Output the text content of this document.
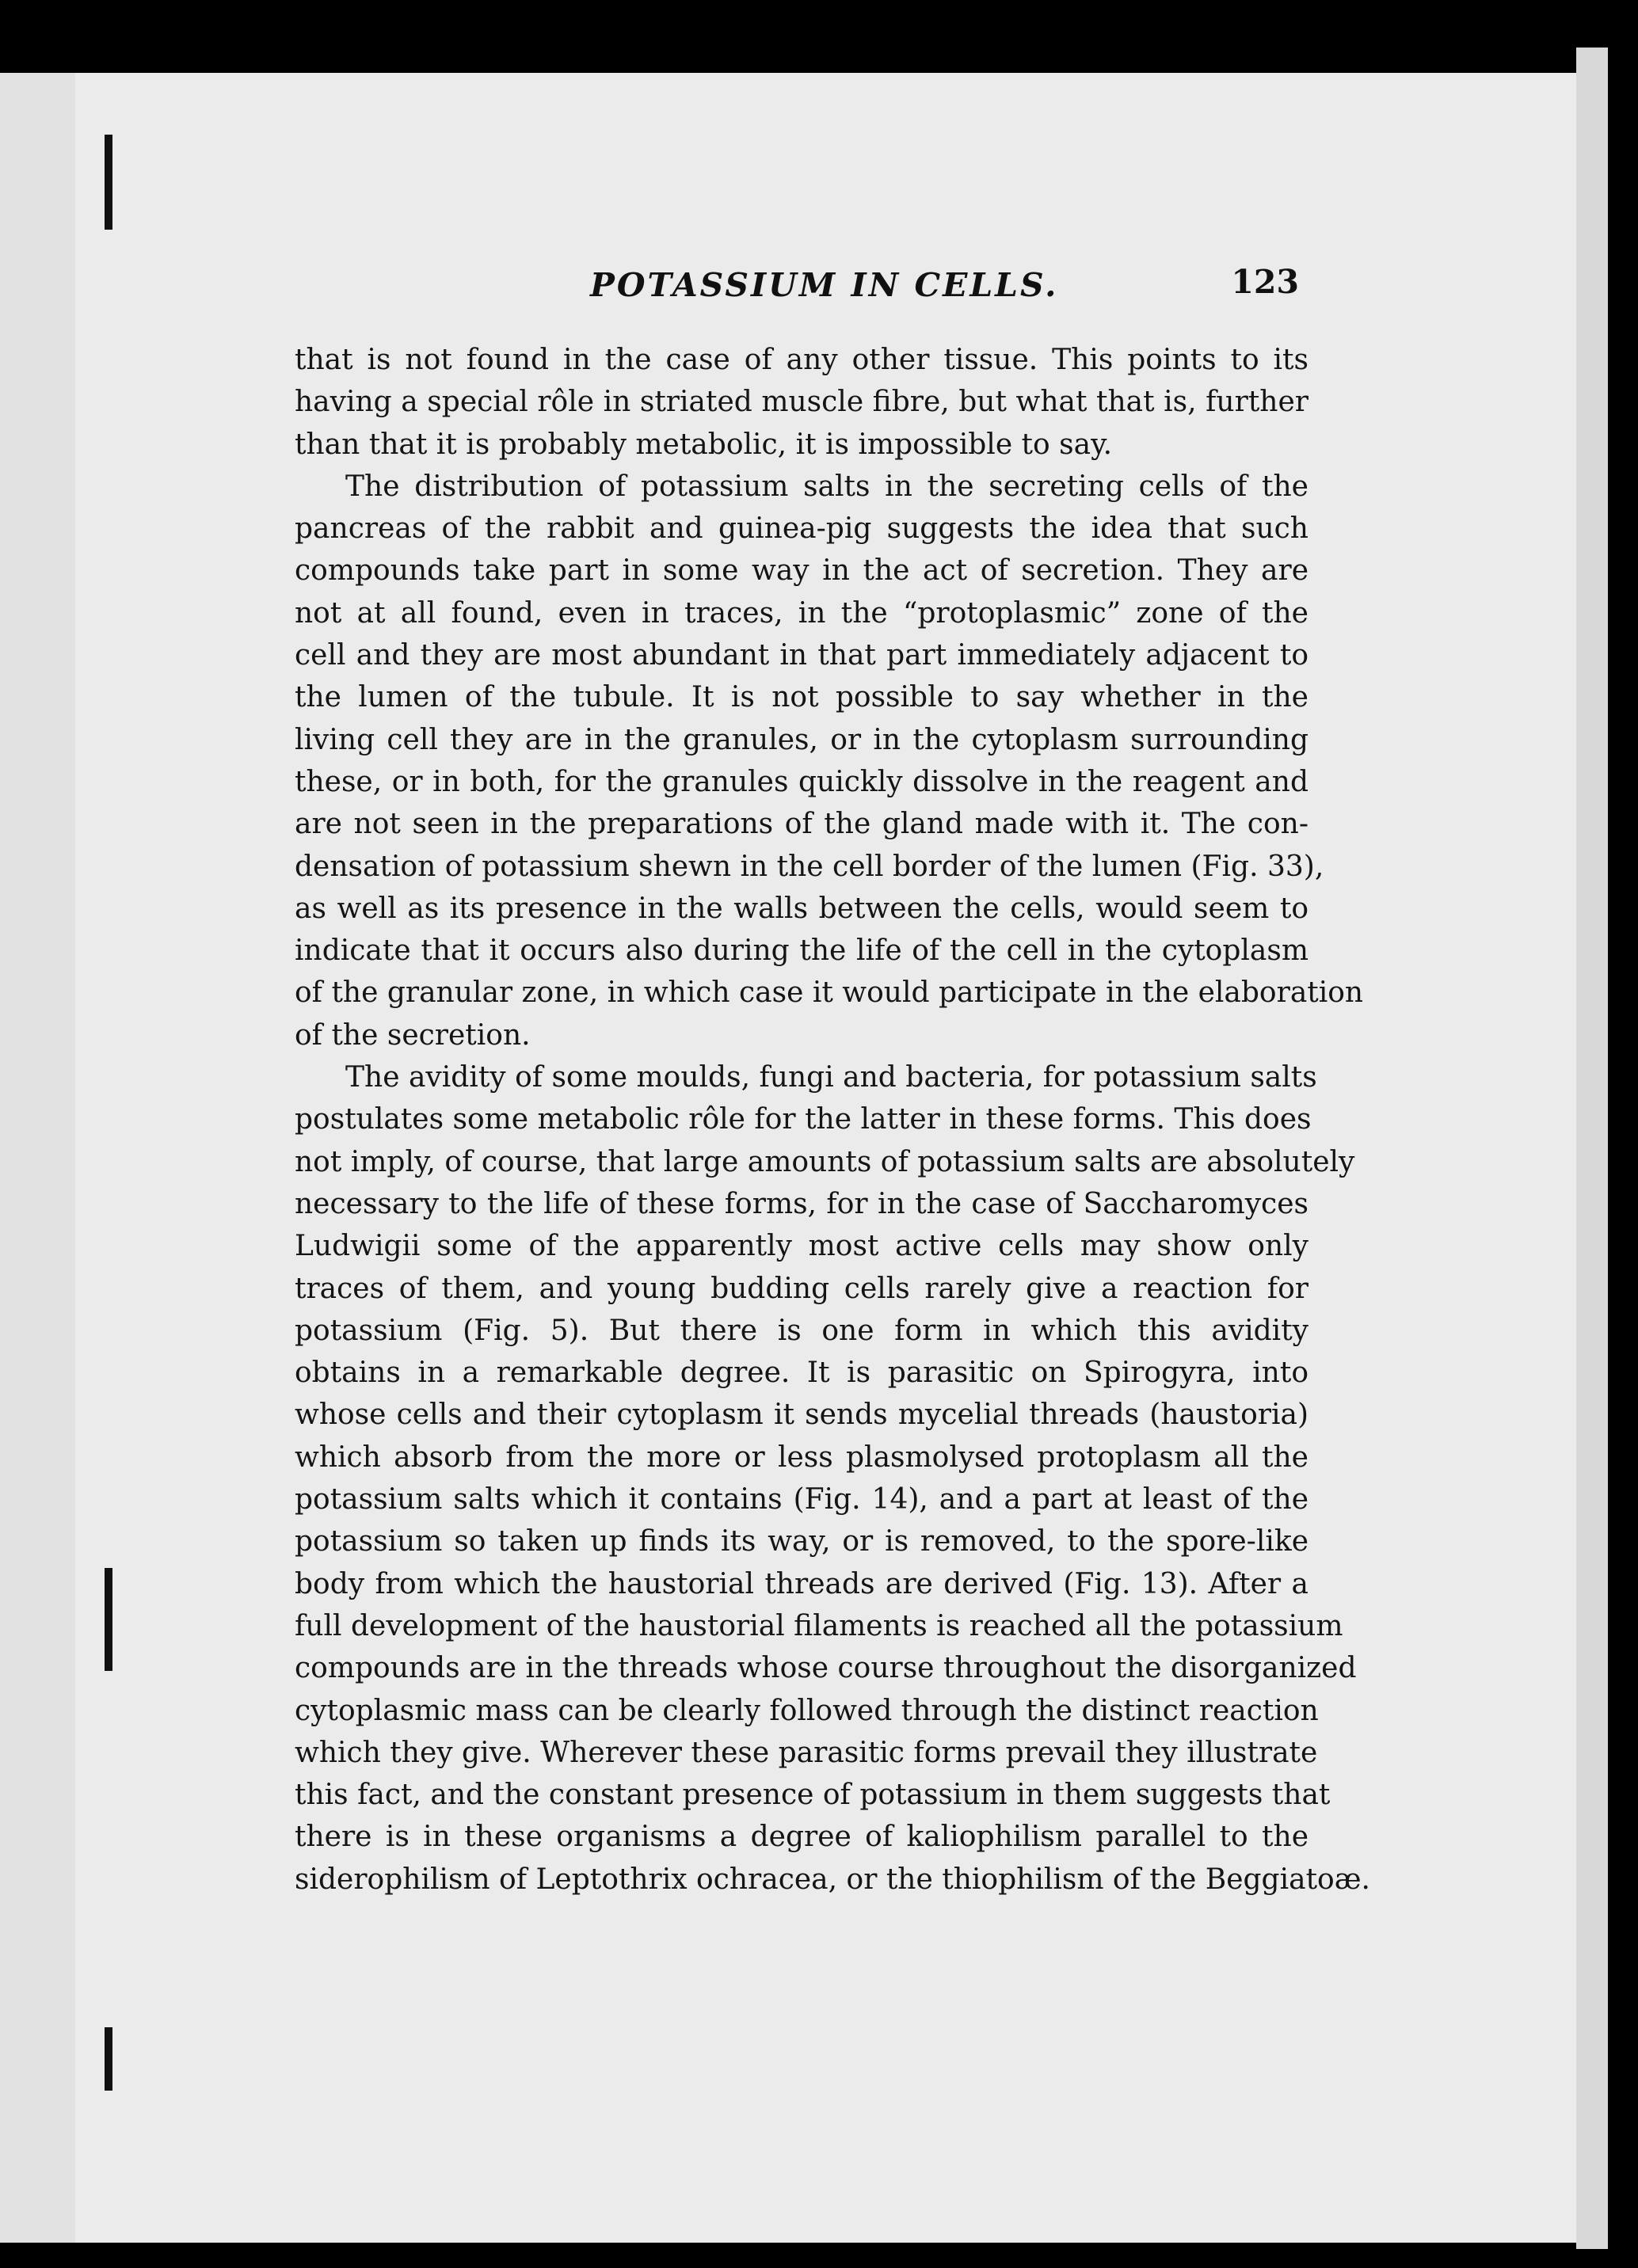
POTASSIUM IN CELLS.	123
that is not found in the case of any other tissue. This points to its
having a special rôle in striated muscle fibre, but what that is, further
than that it is probably metabolic, it is impossible to say.
The distribution of potassium salts in the secreting cells of the
pancreas of the rabbit and guinea-pig suggests the idea that such
compounds take part in some way in the act of secretion. They are
not at all found, even in traces, in the “protoplasmic” zone of the
cell and they are most abundant in that part immediately adjacent to
the lumen of the tubule. It is not possible to say whether in the
living cell they are in the granules, or in the cytoplasm surrounding
these, or in both, for the granules quickly dissolve in the reagent and
are not seen in the preparations of the gland made with it. The con-
densation of potassium shewn in the cell border of the lumen (Fig. 33),
as well as its presence in the walls between the cells, would seem to
indicate that it occurs also during the life of the cell in the cytoplasm
of the granular zone, in which case it would participate in the elaboration
of the secretion.
The avidity of some moulds, fungi and bacteria, for potassium salts
postulates some metabolic rôle for the latter in these forms. This does
not imply, of course, that large amounts of potassium salts are absolutely
necessary to the life of these forms, for in the case of Saccharomyces
Ludwigii some of the apparently most active cells may show only
traces of them, and young budding cells rarely give a reaction for
potassium (Fig. 5). But there is one form in which this avidity
obtains in a remarkable degree. It is parasitic on Spirogyra, into
whose cells and their cytoplasm it sends mycelial threads (haustoria)
which absorb from the more or less plasmolysed protoplasm all the
potassium salts which it contains (Fig. 14), and a part at least of the
potassium so taken up finds its way, or is removed, to the spore-like
body from which the haustorial threads are derived (Fig. 13). After a
full development of the haustorial filaments is reached all the potassium
compounds are in the threads whose course throughout the disorganized
cytoplasmic mass can be clearly followed through the distinct reaction
which they give. Wherever these parasitic forms prevail they illustrate
this fact, and the constant presence of potassium in them suggests that
there is in these organisms a degree of kaliophilism parallel to the
siderophilism of Leptothrix ochracea, or the thiophilism of the Beggiatoæ.
